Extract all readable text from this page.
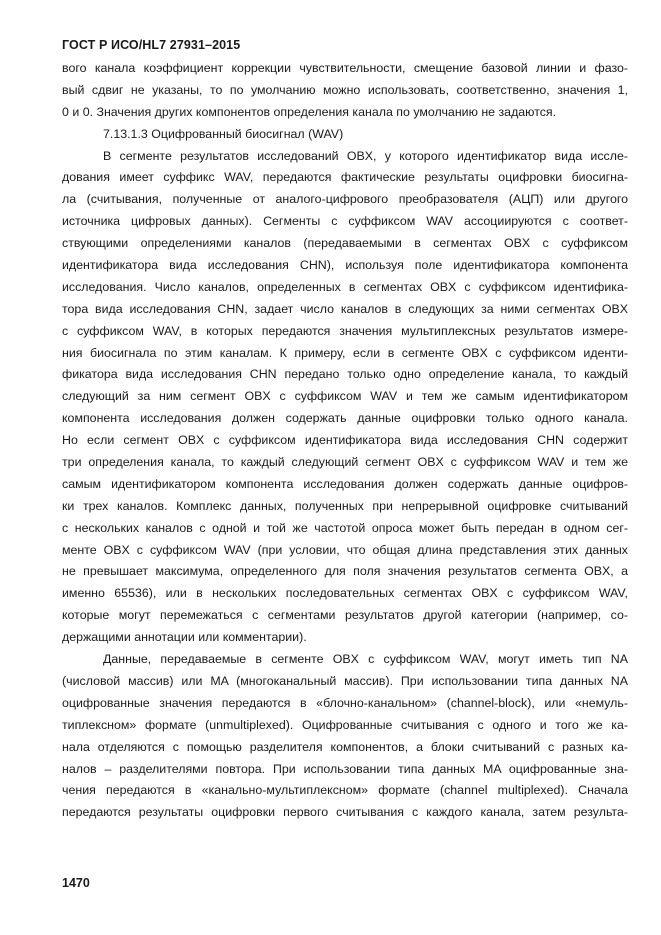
ГОСТ Р ИСО/HL7 27931–2015
вого канала коэффициент коррекции чувствительности, смещение базовой линии и фазо-
вый сдвиг не указаны, то по умолчанию можно использовать, соответственно, значения 1,
0 и 0. Значения других компонентов определения канала по умолчанию не задаются.
7.13.1.3 Оцифрованный биосигнал (WAV)
В сегменте результатов исследований OBX, у которого идентификатор вида иссле-
дования имеет суффикс WAV, передаются фактические результаты оцифровки биосигна-
ла (считывания, полученные от аналого-цифрового преобразователя (АЦП) или другого
источника цифровых данных). Сегменты с суффиксом WAV ассоциируются с соответ-
ствующими определениями каналов (передаваемыми в сегментах OBX с суффиксом
идентификатора вида исследования CHN), используя поле идентификатора компонента
исследования. Число каналов, определенных в сегментах OBX с суффиксом идентифика-
тора вида исследования CHN, задает число каналов в следующих за ними сегментах OBX
с суффиксом WAV, в которых передаются значения мультиплексных результатов измере-
ния биосигнала по этим каналам. К примеру, если в сегменте OBX с суффиксом иденти-
фикатора вида исследования CHN передано только одно определение канала, то каждый
следующий за ним сегмент OBX с суффиксом WAV и тем же самым идентификатором
компонента исследования должен содержать данные оцифровки только одного канала.
Но если сегмент OBX с суффиксом идентификатора вида исследования CHN содержит
три определения канала, то каждый следующий сегмент OBX с суффиксом WAV и тем же
самым идентификатором компонента исследования должен содержать данные оцифров-
ки трех каналов. Комплекс данных, полученных при непрерывной оцифровке считываний
с нескольких каналов с одной и той же частотой опроса может быть передан в одном сег-
менте OBX с суффиксом WAV (при условии, что общая длина представления этих данных
не превышает максимума, определенного для поля значения результатов сегмента OBX, а
именно 65536), или в нескольких последовательных сегментах OBX с суффиксом WAV,
которые могут перемежаться с сегментами результатов другой категории (например, со-
держащими аннотации или комментарии).
Данные, передаваемые в сегменте OBX с суффиксом WAV, могут иметь тип NA
(числовой массив) или MA (многоканальный массив). При использовании типа данных NA
оцифрованные значения передаются в «блочно-канальном» (channel-block), или «немуль-
типлексном» формате (unmultiplexed). Оцифрованные считывания с одного и того же ка-
нала отделяются с помощью разделителя компонентов, а блоки считываний с разных ка-
налов – разделителями повтора. При использовании типа данных MA оцифрованные зна-
чения передаются в «канально-мультиплексном» формате (channel multiplexed). Сначала
передаются результаты оцифровки первого считывания с каждого канала, затем результа-
1470
